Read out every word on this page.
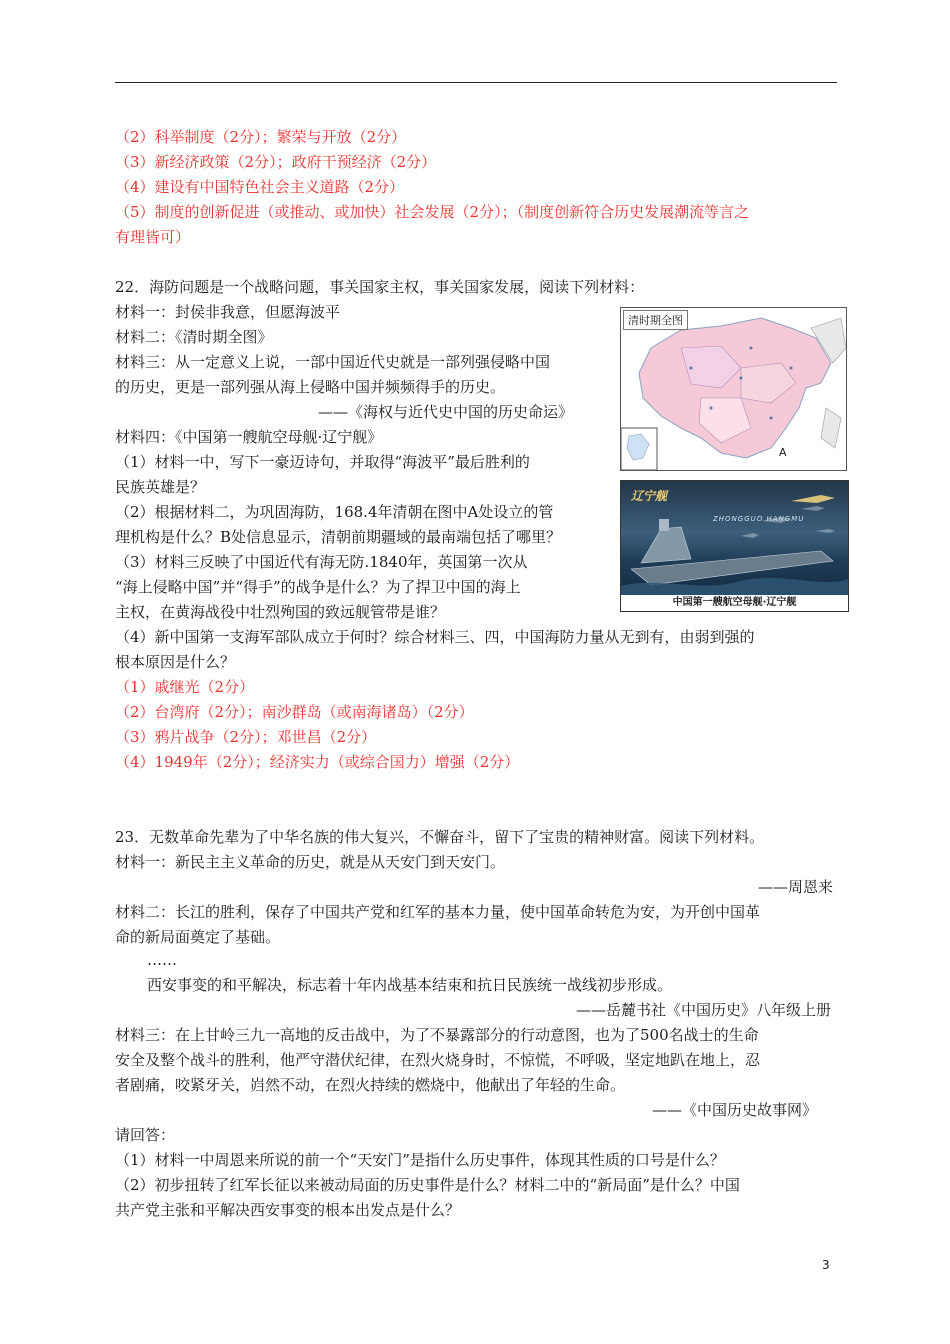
（2）科举制度（2分）；繁荣与开放（2分）
（3）新经济政策（2分）；政府干预经济（2分）
（4）建设有中国特色社会主义道路（2分）
（5）制度的创新促进（或推动、或加快）社会发展（2分）；（制度创新符合历史发展潮流等言之
有理皆可）
22．海防问题是一个战略问题，事关国家主权，事关国家发展，阅读下列材料：
材料一：封侯非我意，但愿海波平
材料二：《清时期全图》
材料三：从一定意义上说，一部中国近代史就是一部列强侵略中国
的历史，更是一部列强从海上侵略中国并频频得手的历史。
——《海权与近代史中国的历史命运》
材料四：《中国第一艘航空母舰·辽宁舰》
（1）材料一中，写下一豪迈诗句，并取得“海波平”最后胜利的
民族英雄是？
（2）根据材料二，为巩固海防，168.4年清朝在图中A处设立的管
理机构是什么？B处信息显示，清朝前期疆域的最南端包括了哪里？
（3）材料三反映了中国近代有海无防.1840年，英国第一次从
“海上侵略中国”并“得手”的战争是什么？为了捍卫中国的海上
主权，在黄海战役中壮烈殉国的致远舰管带是谁？
（4）新中国第一支海军部队成立于何时？综合材料三、四，中国海防力量从无到有，由弱到强的
根本原因是什么？
（1）戚继光（2分）
（2）台湾府（2分）；南沙群岛（或南海诸岛）（2分）
（3）鸦片战争（2分）；邓世昌（2分）
（4）1949年（2分）；经济实力（或综合国力）增强（2分）
清时期全图
A
辽宁舰
ZHONGGUO HANGMU
中国第一艘航空母舰·辽宁舰
23．无数革命先辈为了中华名族的伟大复兴，不懈奋斗，留下了宝贵的精神财富。阅读下列材料。
材料一：新民主主义革命的历史，就是从天安门到天安门。
——周恩来
材料二：长江的胜利，保存了中国共产党和红军的基本力量，使中国革命转危为安，为开创中国革
命的新局面奠定了基础。
……
西安事变的和平解决，标志着十年内战基本结束和抗日民族统一战线初步形成。
——岳麓书社《中国历史》八年级上册
材料三：在上甘岭三九一高地的反击战中，为了不暴露部分的行动意图，也为了500名战士的生命
安全及整个战斗的胜利，他严守潜伏纪律，在烈火烧身时，不惊慌，不呼吸，坚定地趴在地上，忍
者剧痛，咬紧牙关，岿然不动，在烈火持续的燃烧中，他献出了年轻的生命。
——《中国历史故事网》
请回答：
（1）材料一中周恩来所说的前一个“天安门”是指什么历史事件，体现其性质的口号是什么？
（2）初步扭转了红军长征以来被动局面的历史事件是什么？材料二中的“新局面”是什么？中国
共产党主张和平解决西安事变的根本出发点是什么？
3
